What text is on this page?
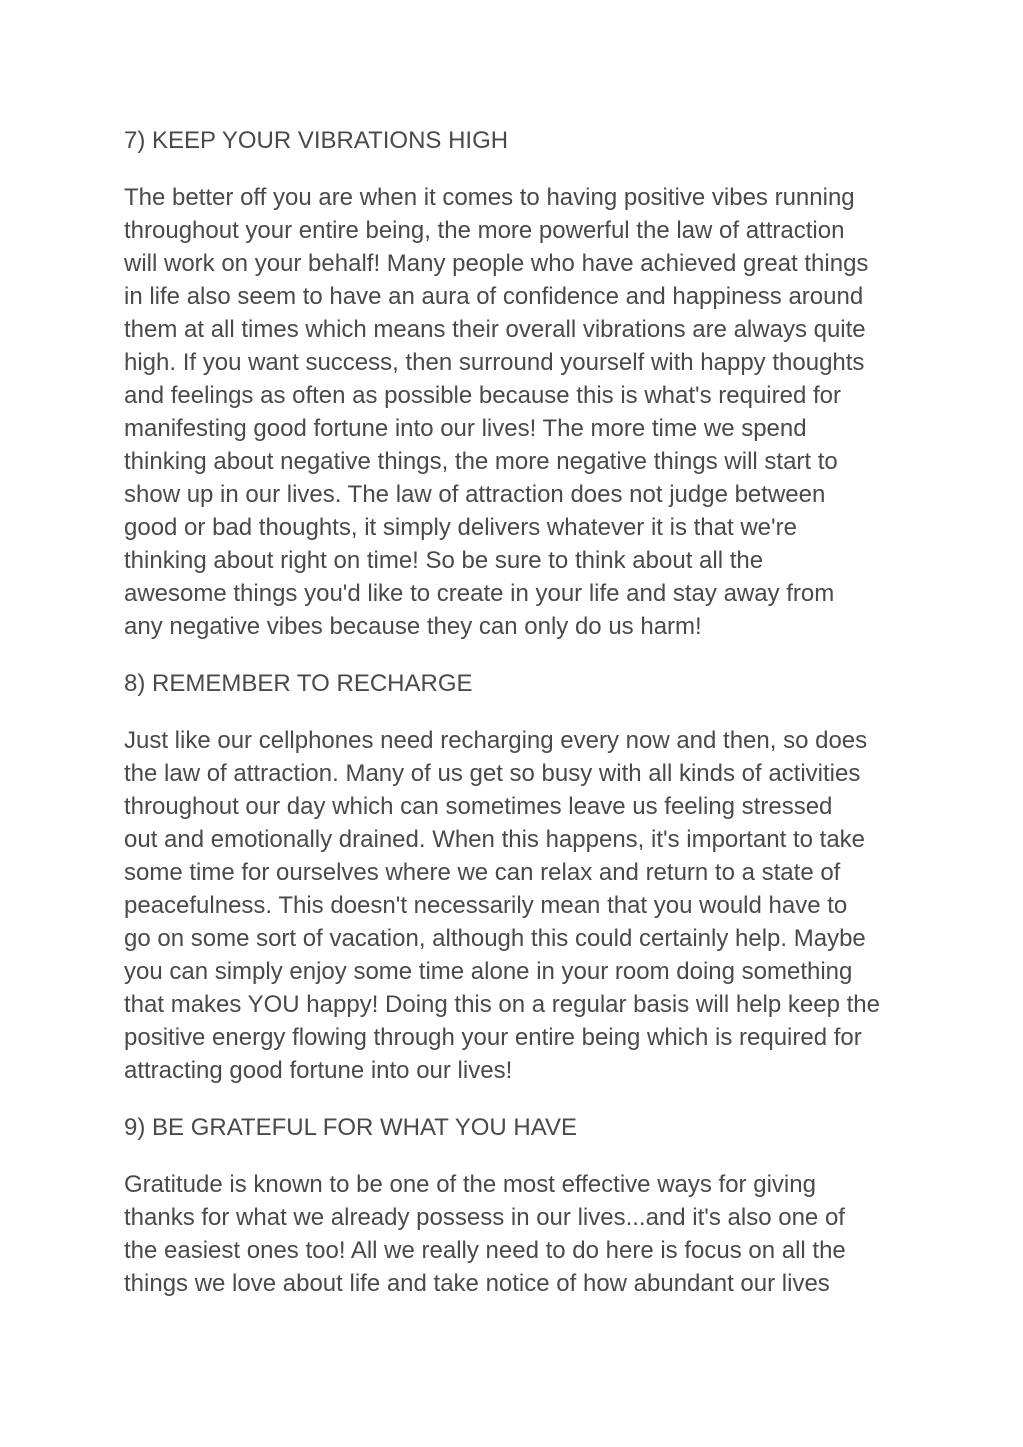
7) KEEP YOUR VIBRATIONS HIGH
The better off you are when it comes to having positive vibes running
throughout your entire being, the more powerful the law of attraction
will work on your behalf! Many people who have achieved great things
in life also seem to have an aura of confidence and happiness around
them at all times which means their overall vibrations are always quite
high. If you want success, then surround yourself with happy thoughts
and feelings as often as possible because this is what's required for
manifesting good fortune into our lives! The more time we spend
thinking about negative things, the more negative things will start to
show up in our lives. The law of attraction does not judge between
good or bad thoughts, it simply delivers whatever it is that we're
thinking about right on time! So be sure to think about all the
awesome things you'd like to create in your life and stay away from
any negative vibes because they can only do us harm!
8) REMEMBER TO RECHARGE
Just like our cellphones need recharging every now and then, so does
the law of attraction. Many of us get so busy with all kinds of activities
throughout our day which can sometimes leave us feeling stressed
out and emotionally drained. When this happens, it's important to take
some time for ourselves where we can relax and return to a state of
peacefulness. This doesn't necessarily mean that you would have to
go on some sort of vacation, although this could certainly help. Maybe
you can simply enjoy some time alone in your room doing something
that makes YOU happy! Doing this on a regular basis will help keep the
positive energy flowing through your entire being which is required for
attracting good fortune into our lives!
9) BE GRATEFUL FOR WHAT YOU HAVE
Gratitude is known to be one of the most effective ways for giving
thanks for what we already possess in our lives...and it's also one of
the easiest ones too! All we really need to do here is focus on all the
things we love about life and take notice of how abundant our lives
